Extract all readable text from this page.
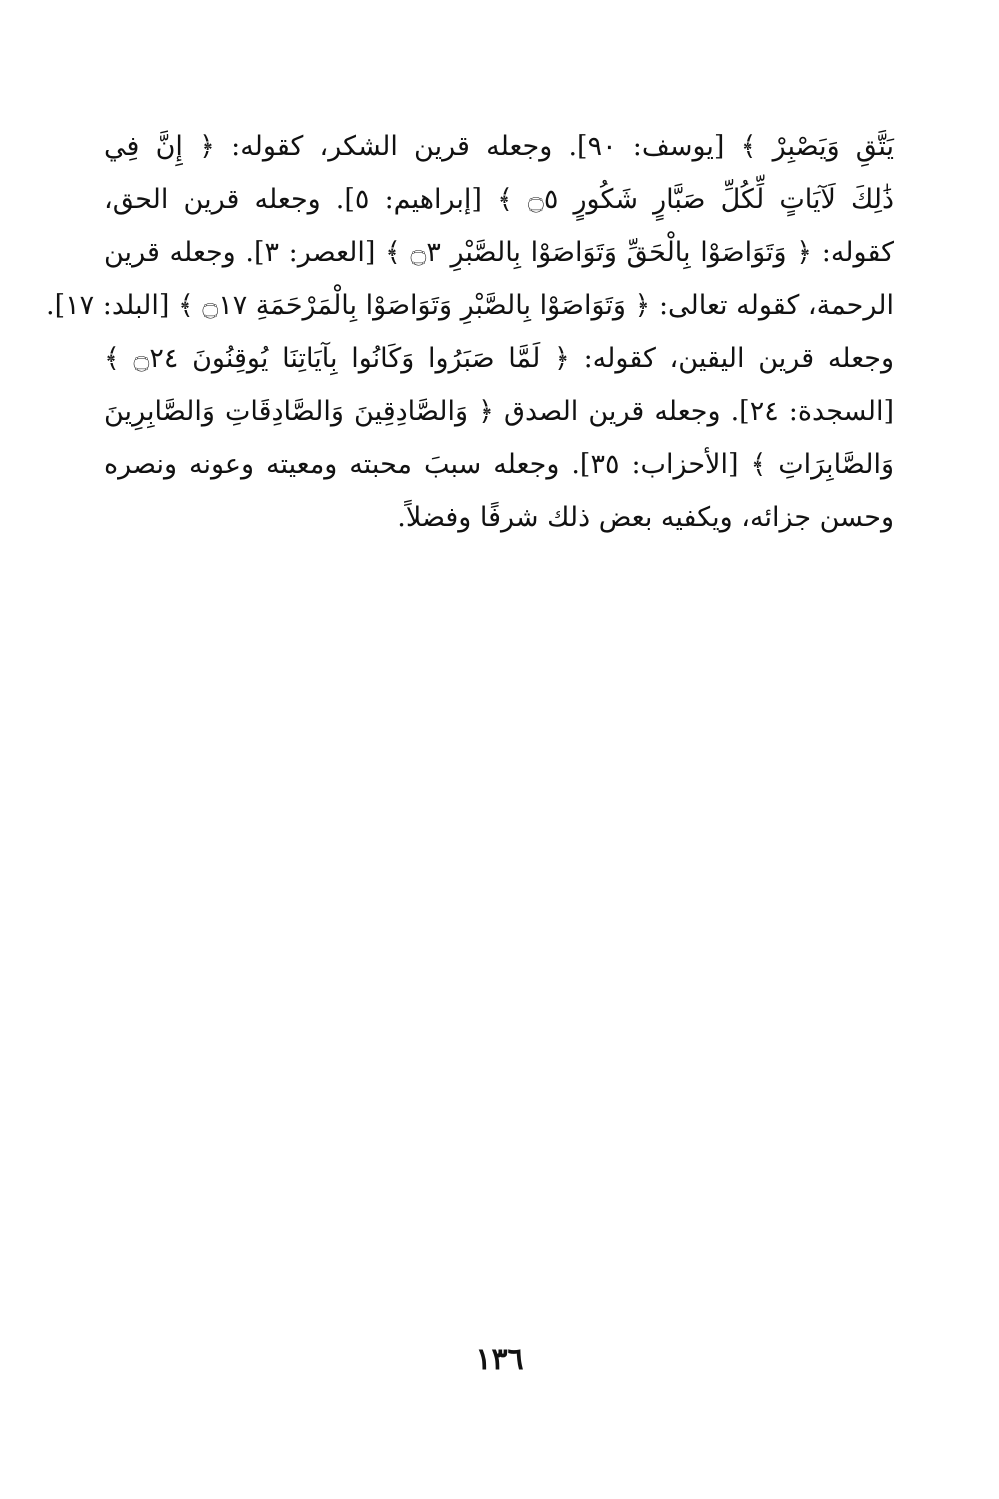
يَتَّقِ وَيَصْبِرْ ﴾ [يوسف: ٩٠]. وجعله قرين الشكر، كقوله: ﴿ إِنَّ فِي
ذَٰلِكَ لَآيَاتٍ لِّكُلِّ صَبَّارٍ شَكُورٍ ۝٥ ﴾ [إبراهيم: ٥]. وجعله قرين الحق،
كقوله: ﴿ وَتَوَاصَوْا بِالْحَقِّ وَتَوَاصَوْا بِالصَّبْرِ ۝٣ ﴾ [العصر: ٣]. وجعله قرين
الرحمة، كقوله تعالى: ﴿ وَتَوَاصَوْا بِالصَّبْرِ وَتَوَاصَوْا بِالْمَرْحَمَةِ ۝١٧ ﴾ [البلد: ١٧].
وجعله قرين اليقين، كقوله: ﴿ لَمَّا صَبَرُوا وَكَانُوا بِآيَاتِنَا يُوقِنُونَ ۝٢٤ ﴾
[السجدة: ٢٤]. وجعله قرين الصدق ﴿ وَالصَّادِقِينَ وَالصَّادِقَاتِ وَالصَّابِرِينَ
وَالصَّابِرَاتِ ﴾ [الأحزاب: ٣٥]. وجعله سببَ محبته ومعيته وعونه ونصره
وحسن جزائه، ويكفيه بعض ذلك شرفًا وفضلاً.
١٣٦
